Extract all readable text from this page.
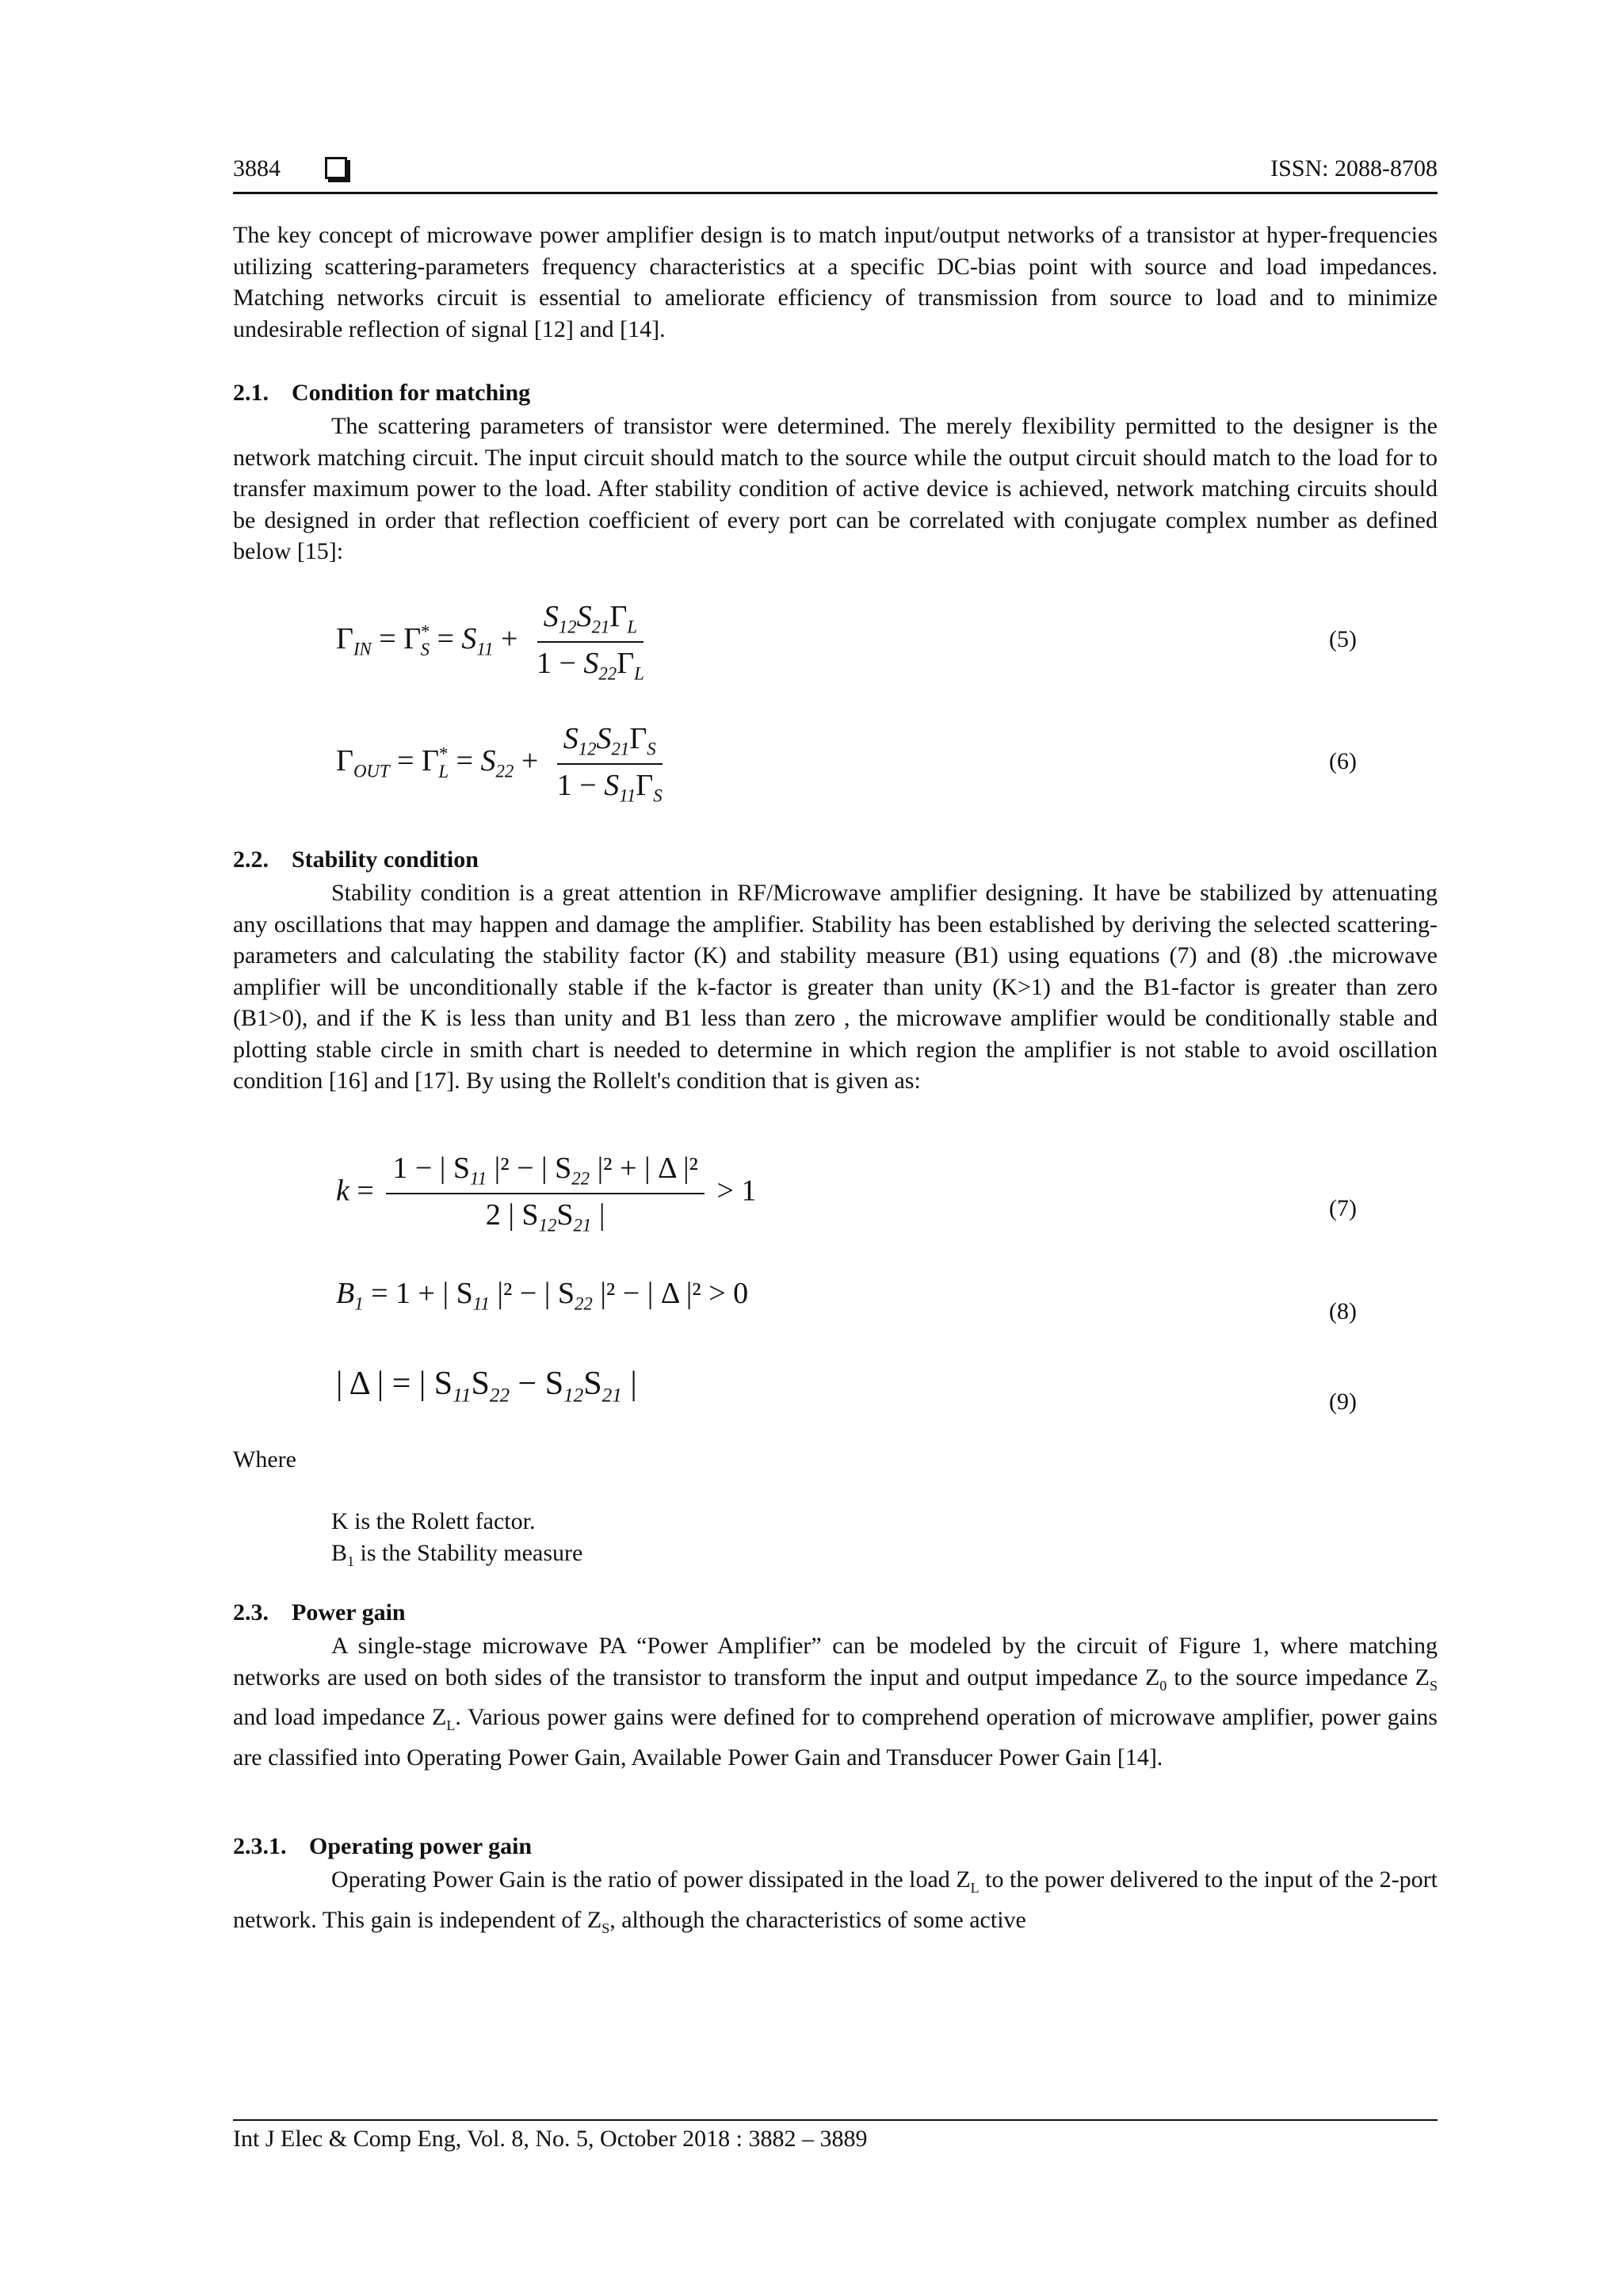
3884	ISSN: 2088-8708
The key concept of microwave power amplifier design is to match input/output networks of a transistor at hyper-frequencies utilizing scattering-parameters frequency characteristics at a specific DC-bias point with source and load impedances. Matching networks circuit is essential to ameliorate efficiency of transmission from source to load and to minimize undesirable reflection of signal [12] and [14].
2.1. Condition for matching
The scattering parameters of transistor were determined. The merely flexibility permitted to the designer is the network matching circuit. The input circuit should match to the source while the output circuit should match to the load for to transfer maximum power to the load. After stability condition of active device is achieved, network matching circuits should be designed in order that reflection coefficient of every port can be correlated with conjugate complex number as defined below [15]:
$\Gamma_{IN} = \Gamma^*_S = S_{11} + \frac{S_{12}S_{21}\Gamma_L}{1 - S_{22}\Gamma_L}$	(5)
$\Gamma_{OUT} = \Gamma^*_L = S_{22} + \frac{S_{12}S_{21}\Gamma_S}{1 - S_{11}\Gamma_S}$	(6)
2.2. Stability condition
Stability condition is a great attention in RF/Microwave amplifier designing. It have be stabilized by attenuating any oscillations that may happen and damage the amplifier. Stability has been established by deriving the selected scattering-parameters and calculating the stability factor (K) and stability measure (B1) using equations (7) and (8) .the microwave amplifier will be unconditionally stable if the k-factor is greater than unity (K>1) and the B1-factor is greater than zero (B1>0), and if the K is less than unity and B1 less than zero , the microwave amplifier would be conditionally stable and plotting stable circle in smith chart is needed to determine in which region the amplifier is not stable to avoid oscillation condition [16] and [17]. By using the Rollelt's condition that is given as:
$k = \frac{1 - | S_{11} |^2 - | S_{22} |^2 + | \Delta |^2}{2 | S_{12}S_{21} |} > 1$
(7)
$B_1 = 1$ + | $S_{11}$ |² − | $S_{22}$ |² − | Δ |² > 0
(8)
| Δ | = | $S_{11}S_{22} - S_{12}S_{21}$ |	(9)
Where
K is the Rolett factor.
$B_1$ is the Stability measure
2.3. Power gain
A single-stage microwave PA “Power Amplifier” can be modeled by the circuit of Figure 1, where matching networks are used on both sides of the transistor to transform the input and output impedance $Z_0$ to the source impedance $Z_S$ and load impedance $Z_L$. Various power gains were defined for to comprehend operation of microwave amplifier, power gains are classified into Operating Power Gain, Available Power Gain and Transducer Power Gain [14].
2.3.1. Operating power gain
Operating Power Gain is the ratio of power dissipated in the load $Z_L$ to the power delivered to the input of the 2-port network. This gain is independent of $Z_S$, although the characteristics of some active
Int J Elec & Comp Eng, Vol. 8, No. 5, October 2018 : 3882 – 3889
